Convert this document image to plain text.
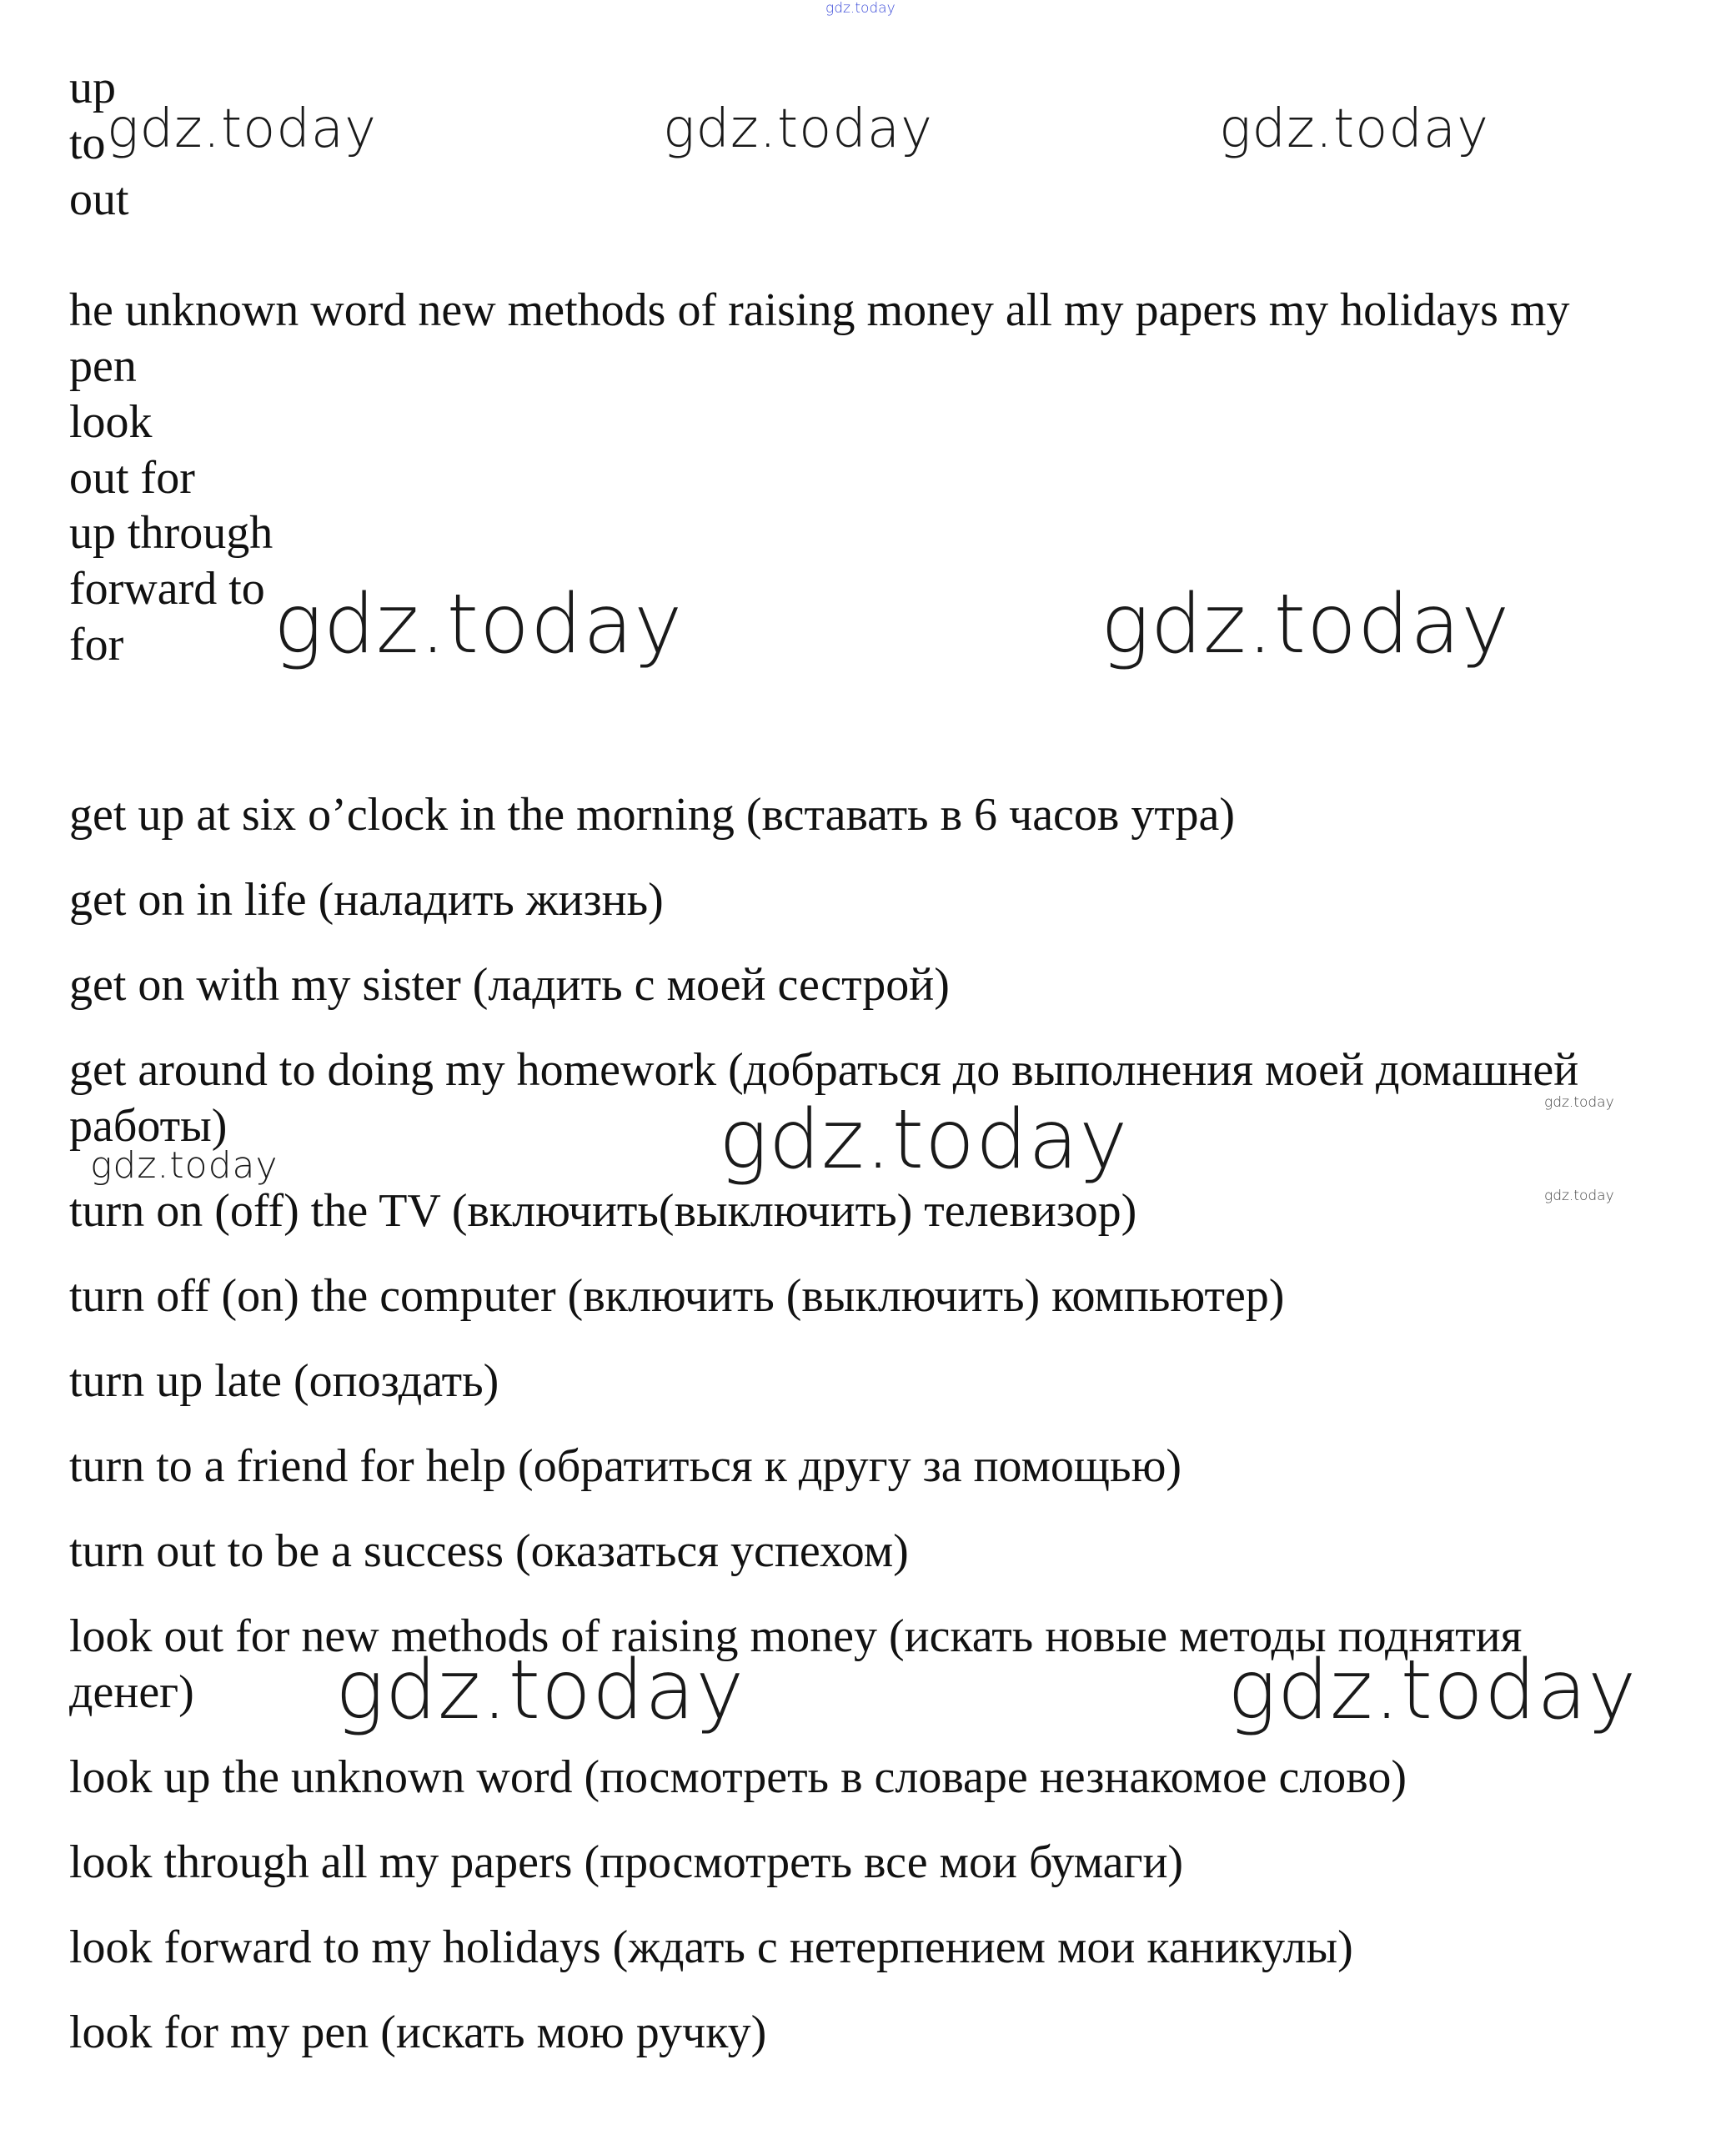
gdz.today
gdz.today	gdz.today	gdz.today
gdz.today	gdz.today
gdz.today
gdz.today
gdz.today
gdz.today
gdz.today	gdz.today
up
to
out
he unknown word new methods of raising money all my papers my holidays my
pen
look
out for
up through
forward to
for
get up at six o’clock in the morning (вставать в 6 часов утра)
get on in life (наладить жизнь)
get on with my sister (ладить с моей сестрой)
get around to doing my homework (добраться до выполнения моей домашней
работы)
turn on (off) the TV (включить(выключить) телевизор)
turn off (on) the computer (включить (выключить) компьютер)
turn up late (опоздать)
turn to a friend for help (обратиться к другу за помощью)
turn out to be a success (оказаться успехом)
look out for new methods of raising money (искать новые методы поднятия
денег)
look up the unknown word (посмотреть в словаре незнакомое слово)
look through all my papers (просмотреть все мои бумаги)
look forward to my holidays (ждать с нетерпением мои каникулы)
look for my pen (искать мою ручку)
